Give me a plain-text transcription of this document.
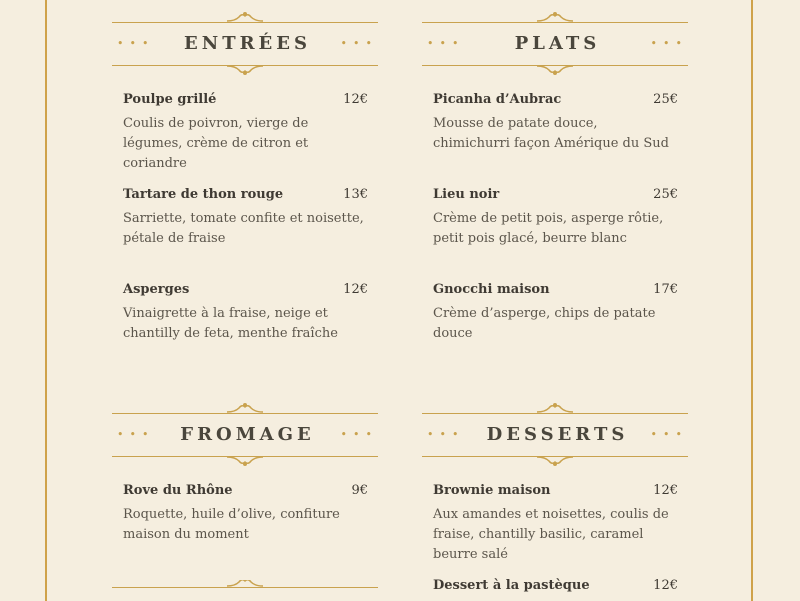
•••	ENTRÉES	•••
Poulpe grillé	12€
Coulis de poivron, vierge de légumes, crème de citron et coriandre
Tartare de thon rouge	13€
Sarriette, tomate confite et noisette, pétale de fraise
Asperges	12€
Vinaigrette à la fraise, neige et chantilly de feta, menthe fraîche
•••	PLATS	•••
Picanha d’Aubrac	25€
Mousse de patate douce, chimichurri façon Amérique du Sud
Lieu noir	25€
Crème de petit pois, asperge rôtie, petit pois glacé, beurre blanc
Gnocchi maison	17€
Crème d’asperge, chips de patate douce
•••	FROMAGE	•••
Rove du Rhône	9€
Roquette, huile d’olive, confiture maison du moment
•••	DESSERTS	•••
Brownie maison	12€
Aux amandes et noisettes, coulis de fraise, chantilly basilic, caramel beurre salé
Dessert à la pastèque	12€
